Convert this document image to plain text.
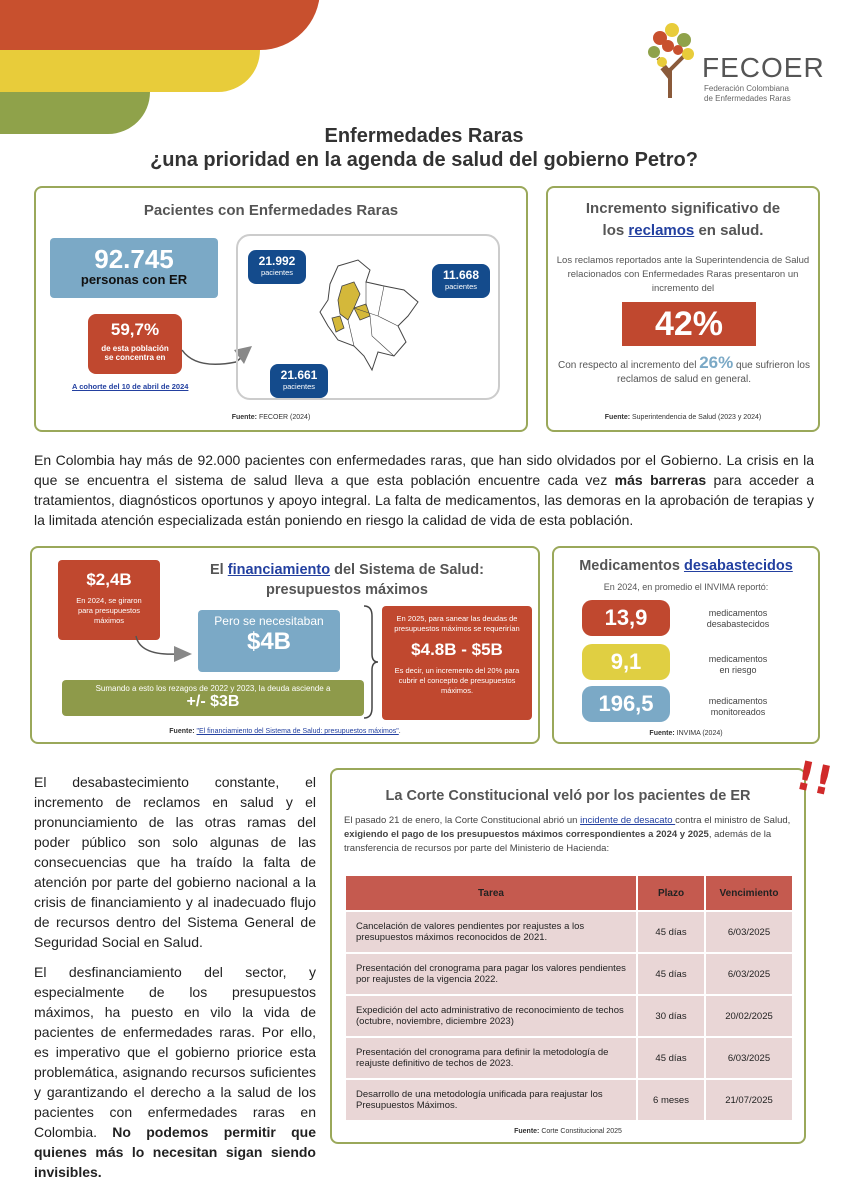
FECOER
Federación Colombiana
de Enfermedades Raras
Enfermedades Raras
¿una prioridad en la agenda de salud del gobierno Petro?
Pacientes con Enfermedades Raras
92.745
personas con ER
59,7%
de esta población
se concentra en
A cohorte del 10 de abril de 2024
21.992
pacientes	11.668
pacientes
21.661
pacientes
Fuente: FECOER (2024)
Incremento significativo de
los reclamos en salud.
Los reclamos reportados ante la Superintendencia de Salud relacionados con Enfermedades Raras presentaron un incremento del
42%
Con respecto al incremento del 26% que sufrieron los reclamos de salud en general.
Fuente: Superintendencia de Salud (2023 y 2024)
En Colombia hay más de 92.000 pacientes con enfermedades raras, que han sido olvidados por el Gobierno. La crisis en la que se encuentra el sistema de salud lleva a que esta población encuentre cada vez más barreras para acceder a tratamientos, diagnósticos oportunos y apoyo integral. La falta de medicamentos, las demoras en la aprobación de terapias y la limitada atención especializada están poniendo en riesgo la calidad de vida de esta población.
$2,4B
En 2024, se giraron para presupuestos máximos
El financiamiento del Sistema de Salud:
presupuestos máximos
Pero se necesitaban
$4B
En 2025, para sanear las deudas de presupuestos máximos se requerirían
$4.8B - $5B
Es decir, un incremento del 20% para cubrir el concepto de presupuestos máximos.
Sumando a esto los rezagos de 2022 y 2023, la deuda asciende a
+/- $3B
Fuente: "El financiamiento del Sistema de Salud: presupuestos máximos".
Medicamentos desabastecidos
En 2024, en promedio el INVIMA reportó:
13,9	medicamentos
desabastecidos
9,1	medicamentos
en riesgo
196,5	medicamentos
monitoreados
Fuente: INVIMA (2024)
El desabastecimiento constante, el incremento de reclamos en salud y el pronunciamiento de las otras ramas del poder público son solo algunas de las consecuencias que ha traído la falta de atención por parte del gobierno nacional a la crisis de financiamiento y al inadecuado flujo de recursos dentro del Sistema General de Seguridad Social en Salud.
El desfinanciamiento del sector, y especialmente de los presupuestos máximos, ha puesto en vilo la vida de pacientes de enfermedades raras. Por ello, es imperativo que el gobierno priorice esta problemática, asignando recursos suficientes y garantizando el derecho a la salud de los pacientes con enfermedades raras en Colombia. No podemos permitir que quienes más lo necesitan sigan siendo invisibles.
La Corte Constitucional veló por los pacientes de ER
El pasado 21 de enero, la Corte Constitucional abrió un incidente de desacato contra el ministro de Salud, exigiendo el pago de los presupuestos máximos correspondientes a 2024 y 2025, además de la transferencia de recursos por parte del Ministerio de Hacienda:
Tarea	Plazo	Vencimiento
Cancelación de valores pendientes por reajustes a los presupuestos máximos reconocidos de 2021.	45 días	6/03/2025
Presentación del cronograma para pagar los valores pendientes por reajustes de la vigencia 2022.	45 días	6/03/2025
Expedición del acto administrativo de reconocimiento de techos (octubre, noviembre, diciembre 2023)	30 días	20/02/2025
Presentación del cronograma para definir la metodología de reajuste definitivo de techos de 2023.	45 días	6/03/2025
Desarrollo de una metodología unificada para reajustar los Presupuestos Máximos.	6 meses	21/07/2025
Fuente: Corte Constitucional 2025
!!
